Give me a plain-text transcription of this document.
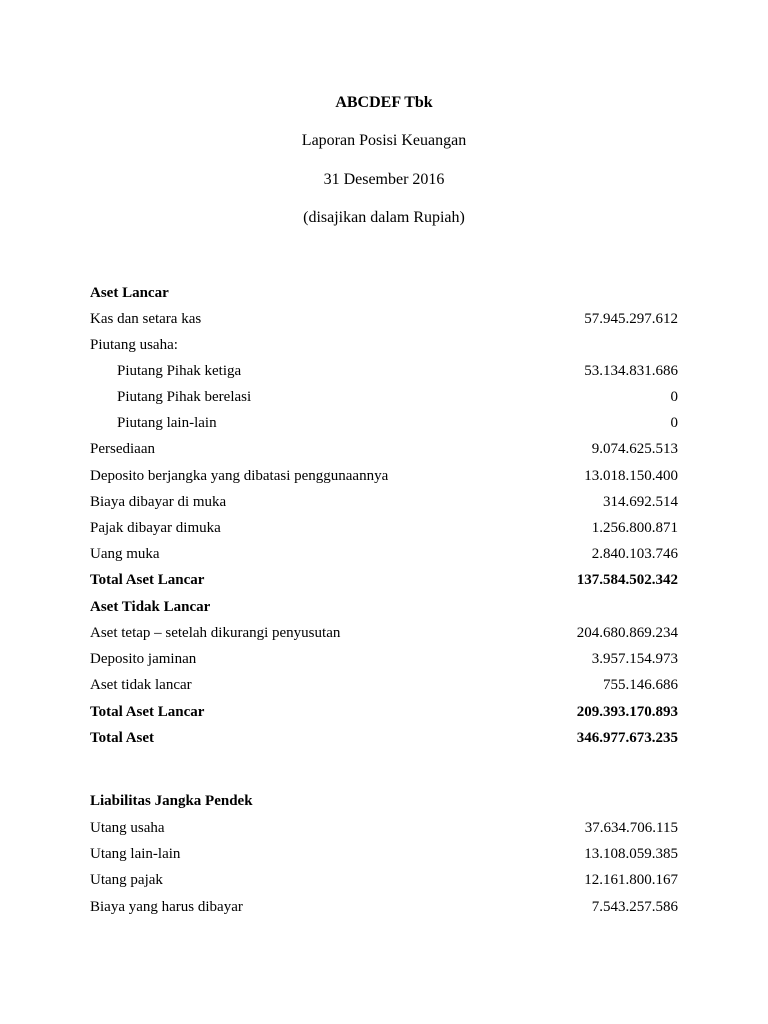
ABCDEF Tbk
Laporan Posisi Keuangan
31 Desember 2016
(disajikan dalam Rupiah)
Aset Lancar
Kas dan setara kas	57.945.297.612
Piutang usaha:
Piutang Pihak ketiga	53.134.831.686
Piutang Pihak berelasi	0
Piutang lain-lain	0
Persediaan	9.074.625.513
Deposito berjangka yang dibatasi penggunaannya	13.018.150.400
Biaya dibayar di muka	314.692.514
Pajak dibayar dimuka	1.256.800.871
Uang muka	2.840.103.746
Total Aset Lancar	137.584.502.342
Aset Tidak Lancar
Aset tetap – setelah dikurangi penyusutan	204.680.869.234
Deposito jaminan	3.957.154.973
Aset tidak lancar	755.146.686
Total Aset Lancar	209.393.170.893
Total Aset	346.977.673.235
Liabilitas Jangka Pendek
Utang usaha	37.634.706.115
Utang lain-lain	13.108.059.385
Utang pajak	12.161.800.167
Biaya yang harus dibayar	7.543.257.586
